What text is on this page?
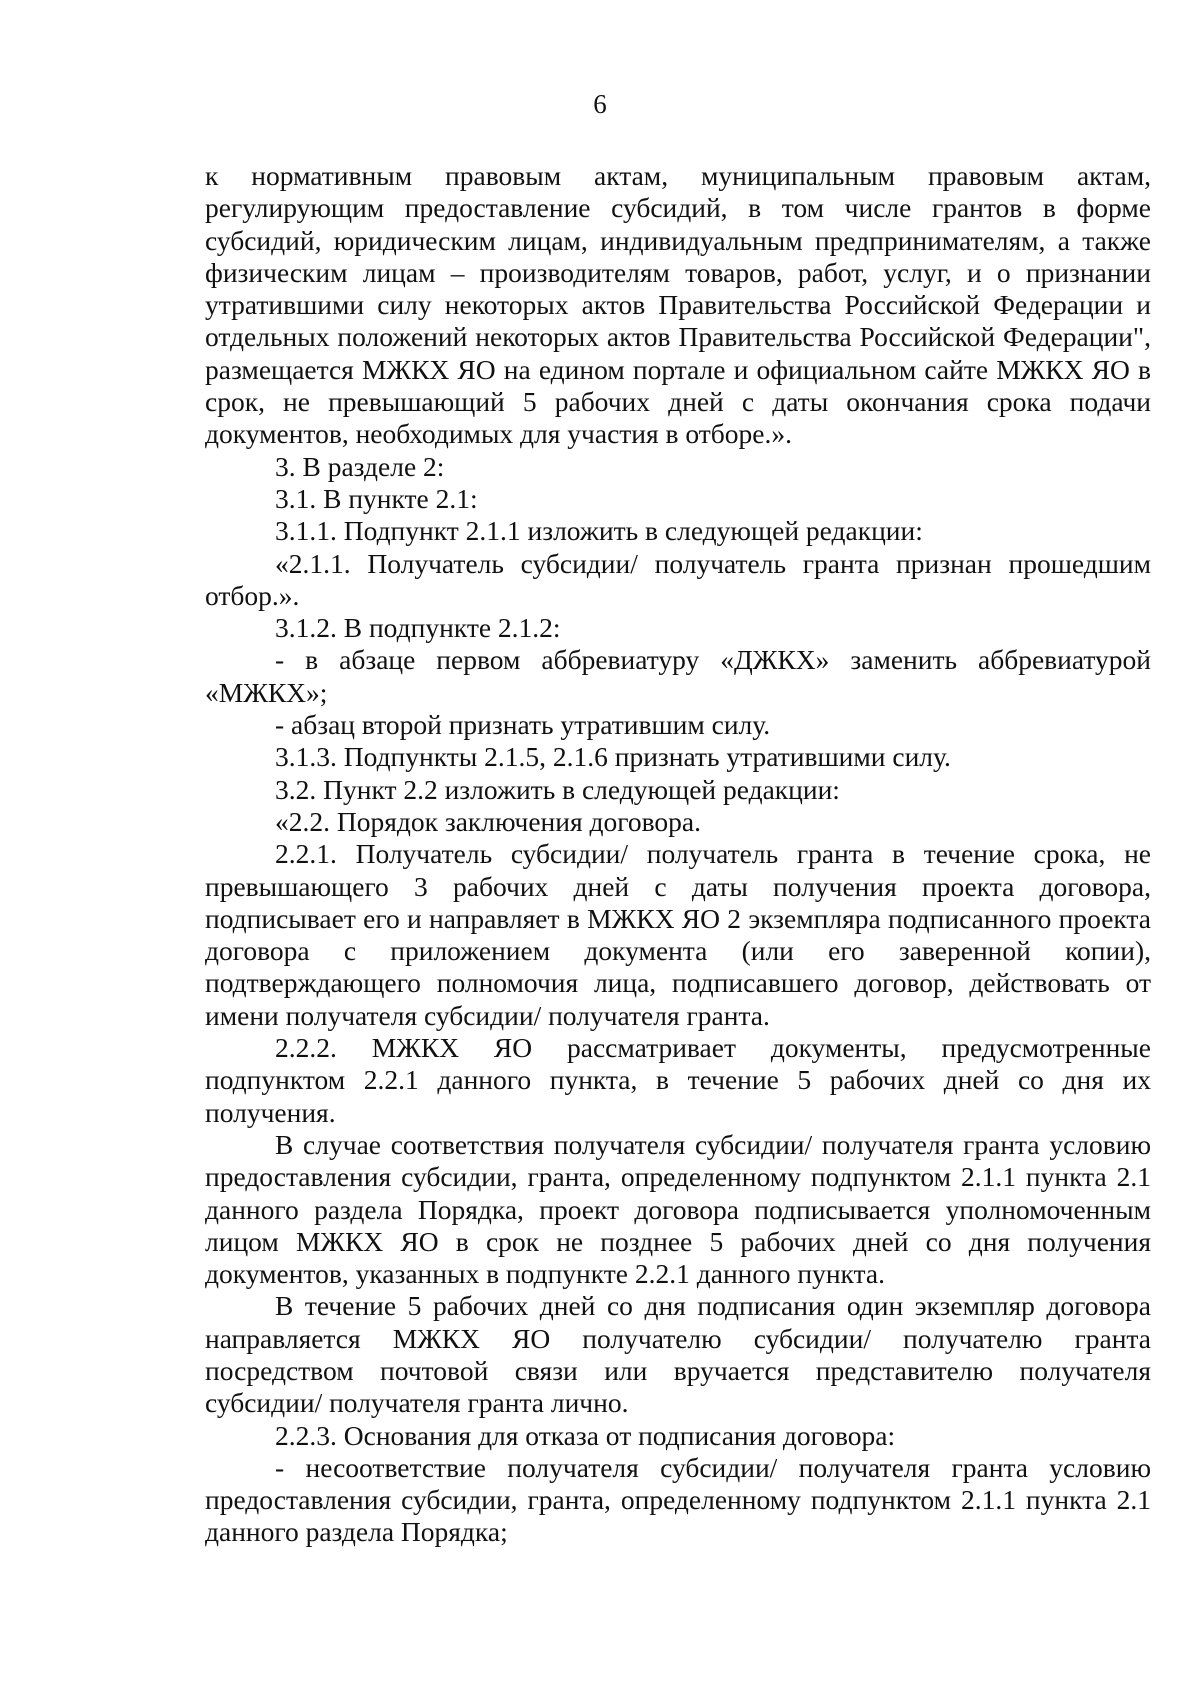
6

к нормативным правовым актам, муниципальным правовым актам, регулирующим предоставление субсидий, в том числе грантов в форме субсидий, юридическим лицам, индивидуальным предпринимателям, а также физическим лицам – производителям товаров, работ, услуг, и о признании утратившими силу некоторых актов Правительства Российской Федерации и отдельных положений некоторых актов Правительства Российской Федерации", размещается МЖКХ ЯО на едином портале и официальном сайте МЖКХ ЯО в срок, не превышающий 5 рабочих дней с даты окончания срока подачи документов, необходимых для участия в отборе.».

3. В разделе 2:

3.1. В пункте 2.1:

3.1.1. Подпункт 2.1.1 изложить в следующей редакции:

«2.1.1. Получатель субсидии/ получатель гранта признан прошедшим отбор.».

3.1.2. В подпункте 2.1.2:

- в абзаце первом аббревиатуру «ДЖКХ» заменить аббревиатурой «МЖКХ»;

- абзац второй признать утратившим силу.

3.1.3. Подпункты 2.1.5, 2.1.6 признать утратившими силу.

3.2. Пункт 2.2 изложить в следующей редакции:

«2.2. Порядок заключения договора.

2.2.1. Получатель субсидии/ получатель гранта в течение срока, не превышающего 3 рабочих дней с даты получения проекта договора, подписывает его и направляет в МЖКХ ЯО 2 экземпляра подписанного проекта договора с приложением документа (или его заверенной копии), подтверждающего полномочия лица, подписавшего договор, действовать от имени получателя субсидии/ получателя гранта.

2.2.2. МЖКХ ЯО рассматривает документы, предусмотренные подпунктом 2.2.1 данного пункта, в течение 5 рабочих дней со дня их получения.

В случае соответствия получателя субсидии/ получателя гранта условию предоставления субсидии, гранта, определенному подпунктом 2.1.1 пункта 2.1 данного раздела Порядка, проект договора подписывается уполномоченным лицом МЖКХ ЯО в срок не позднее 5 рабочих дней со дня получения документов, указанных в подпункте 2.2.1 данного пункта.

В течение 5 рабочих дней со дня подписания один экземпляр договора направляется МЖКХ ЯО получателю субсидии/ получателю гранта посредством почтовой связи или вручается представителю получателя субсидии/ получателя гранта лично.

2.2.3. Основания для отказа от подписания договора:

- несоответствие получателя субсидии/ получателя гранта условию предоставления субсидии, гранта, определенному подпунктом 2.1.1 пункта 2.1 данного раздела Порядка;
